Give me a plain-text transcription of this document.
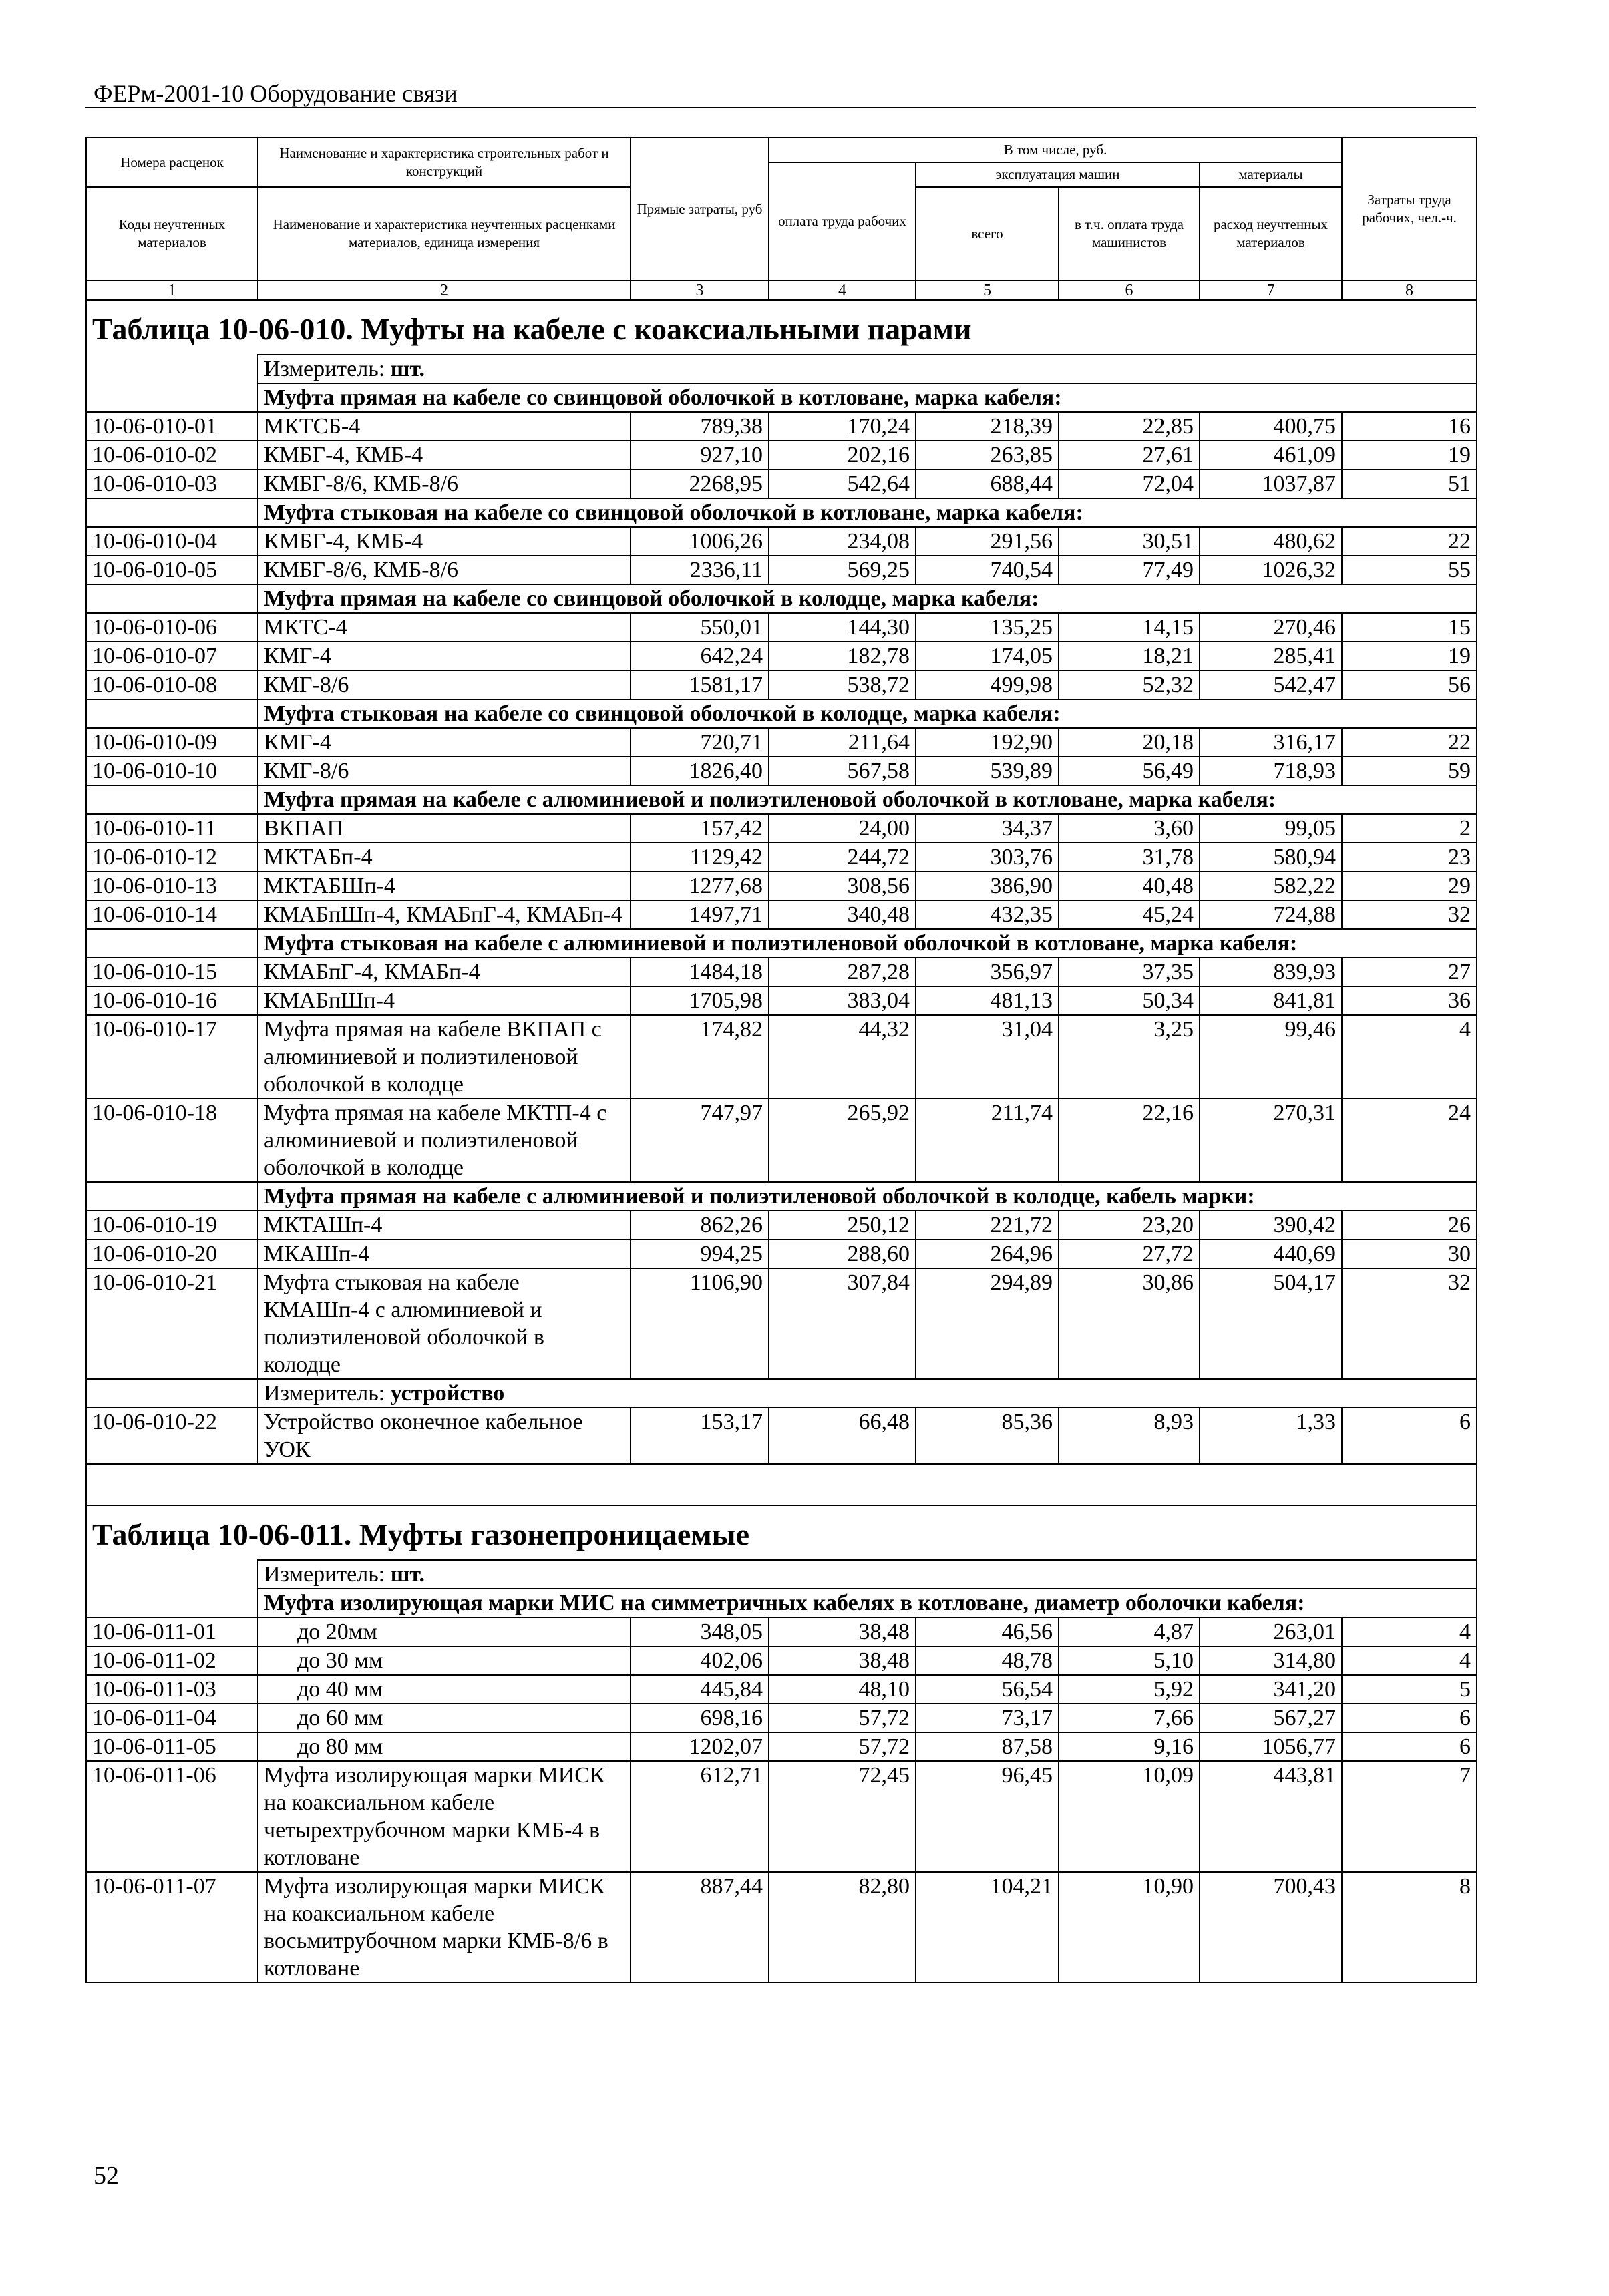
ФЕРм-2001-10 Оборудование связи
Номера расценок	Наименование и характеристика строительных работ и конструкций	Прямые затраты, руб	В том числе, руб.				Затраты труда рабочих, чел.-ч.
			оплата труда рабочих	эксплуатация машин		материалы	
Коды неучтенных материалов	Наименование и характеристика неучтенных расценками материалов, единица измерения			всего	в т.ч. оплата труда машинистов	расход неучтенных материалов	
1	2	3	4	5	6	7	8
Таблица 10-06-010. Муфты на кабеле с коаксиальными парами							
	Измеритель: шт.						
	Муфта прямая на кабеле со свинцовой оболочкой в котловане, марка кабеля:						
10-06-010-01	МКТСБ-4	789,38	170,24	218,39	22,85	400,75	16
10-06-010-02	КМБГ-4, КМБ-4	927,10	202,16	263,85	27,61	461,09	19
10-06-010-03	КМБГ-8/6, КМБ-8/6	2268,95	542,64	688,44	72,04	1037,87	51
	Муфта стыковая на кабеле со свинцовой оболочкой в котловане, марка кабеля:						
10-06-010-04	КМБГ-4, КМБ-4	1006,26	234,08	291,56	30,51	480,62	22
10-06-010-05	КМБГ-8/6, КМБ-8/6	2336,11	569,25	740,54	77,49	1026,32	55
	Муфта прямая на кабеле со свинцовой оболочкой в колодце, марка кабеля:						
10-06-010-06	МКТС-4	550,01	144,30	135,25	14,15	270,46	15
10-06-010-07	КМГ-4	642,24	182,78	174,05	18,21	285,41	19
10-06-010-08	КМГ-8/6	1581,17	538,72	499,98	52,32	542,47	56
	Муфта стыковая на кабеле со свинцовой оболочкой в колодце, марка кабеля:						
10-06-010-09	КМГ-4	720,71	211,64	192,90	20,18	316,17	22
10-06-010-10	КМГ-8/6	1826,40	567,58	539,89	56,49	718,93	59
	Муфта прямая на кабеле с алюминиевой и полиэтиленовой оболочкой в котловане, марка кабеля:						
10-06-010-11	ВКПАП	157,42	24,00	34,37	3,60	99,05	2
10-06-010-12	МКТАБп-4	1129,42	244,72	303,76	31,78	580,94	23
10-06-010-13	МКТАБШп-4	1277,68	308,56	386,90	40,48	582,22	29
10-06-010-14	КМАБпШп-4, КМАБпГ-4, КМАБп-4	1497,71	340,48	432,35	45,24	724,88	32
	Муфта стыковая на кабеле с алюминиевой и полиэтиленовой оболочкой в котловане, марка кабеля:						
10-06-010-15	КМАБпГ-4, КМАБп-4	1484,18	287,28	356,97	37,35	839,93	27
10-06-010-16	КМАБпШп-4	1705,98	383,04	481,13	50,34	841,81	36
10-06-010-17	Муфта прямая на кабеле ВКПАП с алюминиевой и полиэтиленовой оболочкой в колодце	174,82	44,32	31,04	3,25	99,46	4
10-06-010-18	Муфта прямая на кабеле МКТП-4 с алюминиевой и полиэтиленовой оболочкой в колодце	747,97	265,92	211,74	22,16	270,31	24
	Муфта прямая на кабеле с алюминиевой и полиэтиленовой оболочкой в колодце, кабель марки:						
10-06-010-19	МКТАШп-4	862,26	250,12	221,72	23,20	390,42	26
10-06-010-20	МКАШп-4	994,25	288,60	264,96	27,72	440,69	30
10-06-010-21	Муфта стыковая на кабеле КМАШп-4 с алюминиевой и полиэтиленовой оболочкой в колодце	1106,90	307,84	294,89	30,86	504,17	32
	Измеритель: устройство						
10-06-010-22	Устройство оконечное кабельное УОК	153,17	66,48	85,36	8,93	1,33	6

Таблица 10-06-011. Муфты газонепроницаемые							
	Измеритель: шт.						
	Муфта изолирующая марки МИС на симметричных кабелях в котловане, диаметр оболочки кабеля:						
10-06-011-01	до 20мм	348,05	38,48	46,56	4,87	263,01	4
10-06-011-02	до 30 мм	402,06	38,48	48,78	5,10	314,80	4
10-06-011-03	до 40 мм	445,84	48,10	56,54	5,92	341,20	5
10-06-011-04	до 60 мм	698,16	57,72	73,17	7,66	567,27	6
10-06-011-05	до 80 мм	1202,07	57,72	87,58	9,16	1056,77	6
10-06-011-06	Муфта изолирующая марки МИСК на коаксиальном кабеле четырехтрубочном марки КМБ-4 в котловане	612,71	72,45	96,45	10,09	443,81	7
10-06-011-07	Муфта изолирующая марки МИСК на коаксиальном кабеле восьмитрубочном марки КМБ-8/6 в котловане	887,44	82,80	104,21	10,90	700,43	8
52
